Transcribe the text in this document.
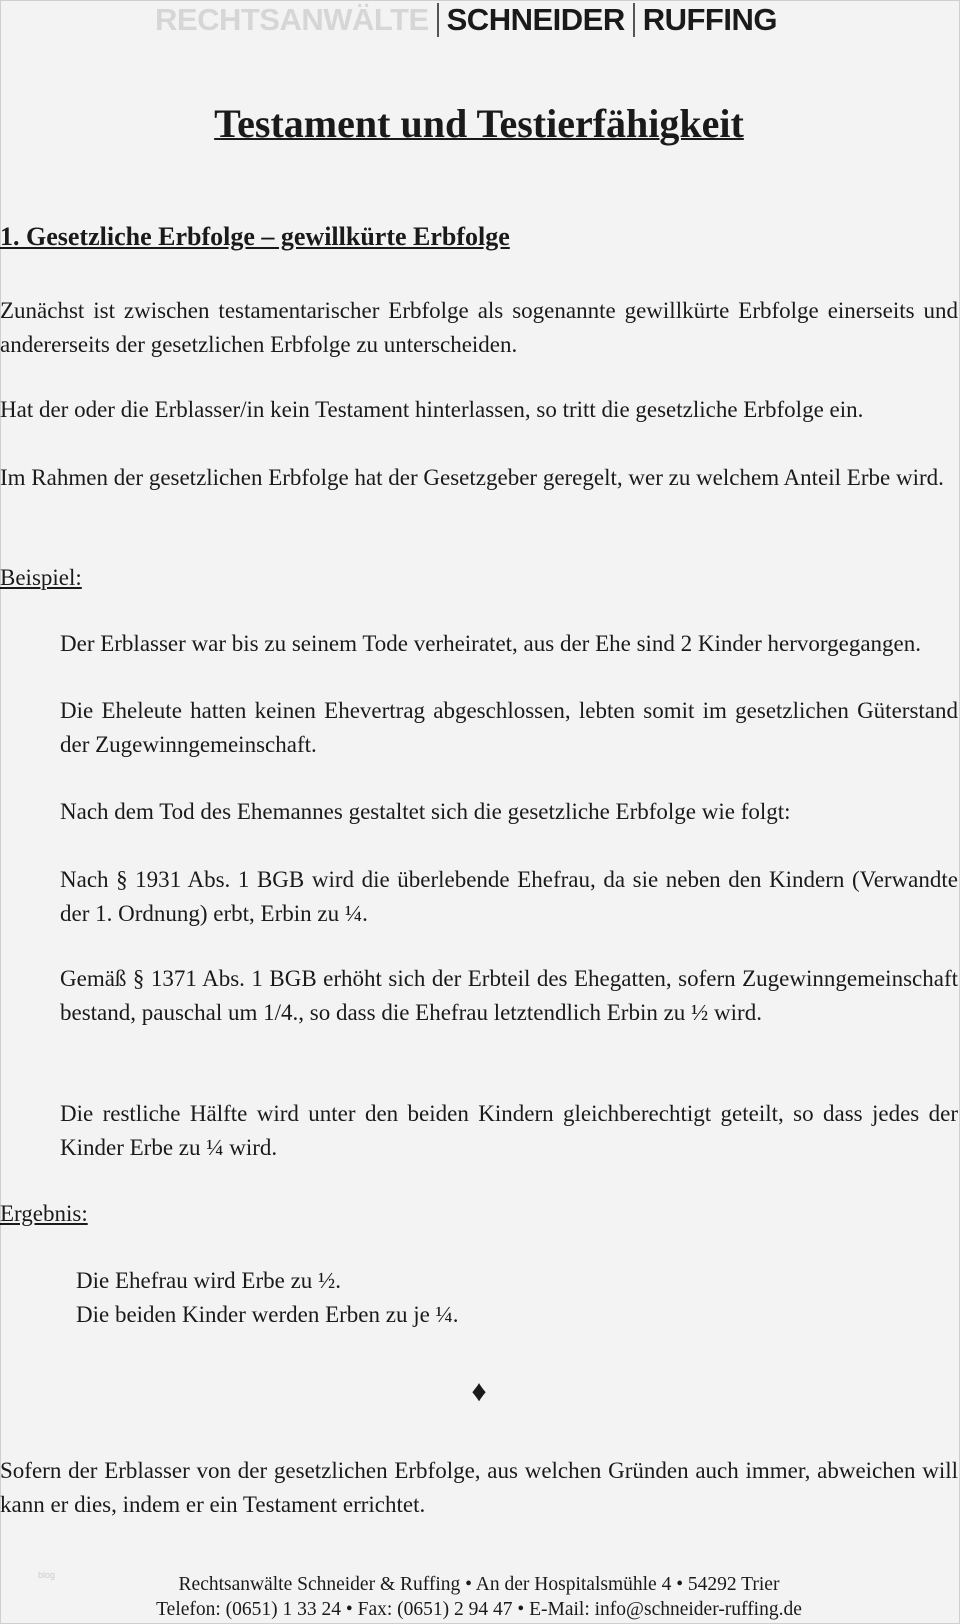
RECHTSANWÄLTE SCHNEIDER RUFFING
Testament und Testierfähigkeit
1. Gesetzliche Erbfolge – gewillkürte Erbfolge
Zunächst ist zwischen testamentarischer Erbfolge als sogenannte gewillkürte Erbfolge einerseits und andererseits der gesetzlichen Erbfolge zu unterscheiden.
Hat der oder die Erblasser/in kein Testament hinterlassen, so tritt die gesetzliche Erbfolge ein.
Im Rahmen der gesetzlichen Erbfolge hat der Gesetzgeber geregelt, wer zu welchem Anteil Erbe wird.
Beispiel:
Der Erblasser war bis zu seinem Tode verheiratet, aus der Ehe sind 2 Kinder hervorgegangen.
Die Eheleute hatten keinen Ehevertrag abgeschlossen, lebten somit im gesetzlichen Güterstand der Zugewinngemeinschaft.
Nach dem Tod des Ehemannes gestaltet sich die gesetzliche Erbfolge wie folgt:
Nach § 1931 Abs. 1 BGB wird die überlebende Ehefrau, da sie neben den Kindern (Verwandte der 1. Ordnung) erbt, Erbin zu ¼.
Gemäß § 1371 Abs. 1 BGB erhöht sich der Erbteil des Ehegatten, sofern Zugewinngemeinschaft bestand, pauschal um 1/4., so dass die Ehefrau letztendlich Erbin zu ½ wird.
Die restliche Hälfte wird unter den beiden Kindern gleichberechtigt geteilt, so dass jedes der Kinder Erbe zu ¼ wird.
Ergebnis:
Die Ehefrau wird Erbe zu ½.
Die beiden Kinder werden Erben zu je ¼.
♦
Sofern der Erblasser von der gesetzlichen Erbfolge, aus welchen Gründen auch immer, abweichen will kann er dies, indem er ein Testament errichtet.
blog	Rechtsanwälte Schneider & Ruffing • An der Hospitalsmühle 4 • 54292 Trier
Telefon: (0651) 1 33 24 • Fax: (0651) 2 94 47 • E-Mail: info@schneider-ruffing.de
